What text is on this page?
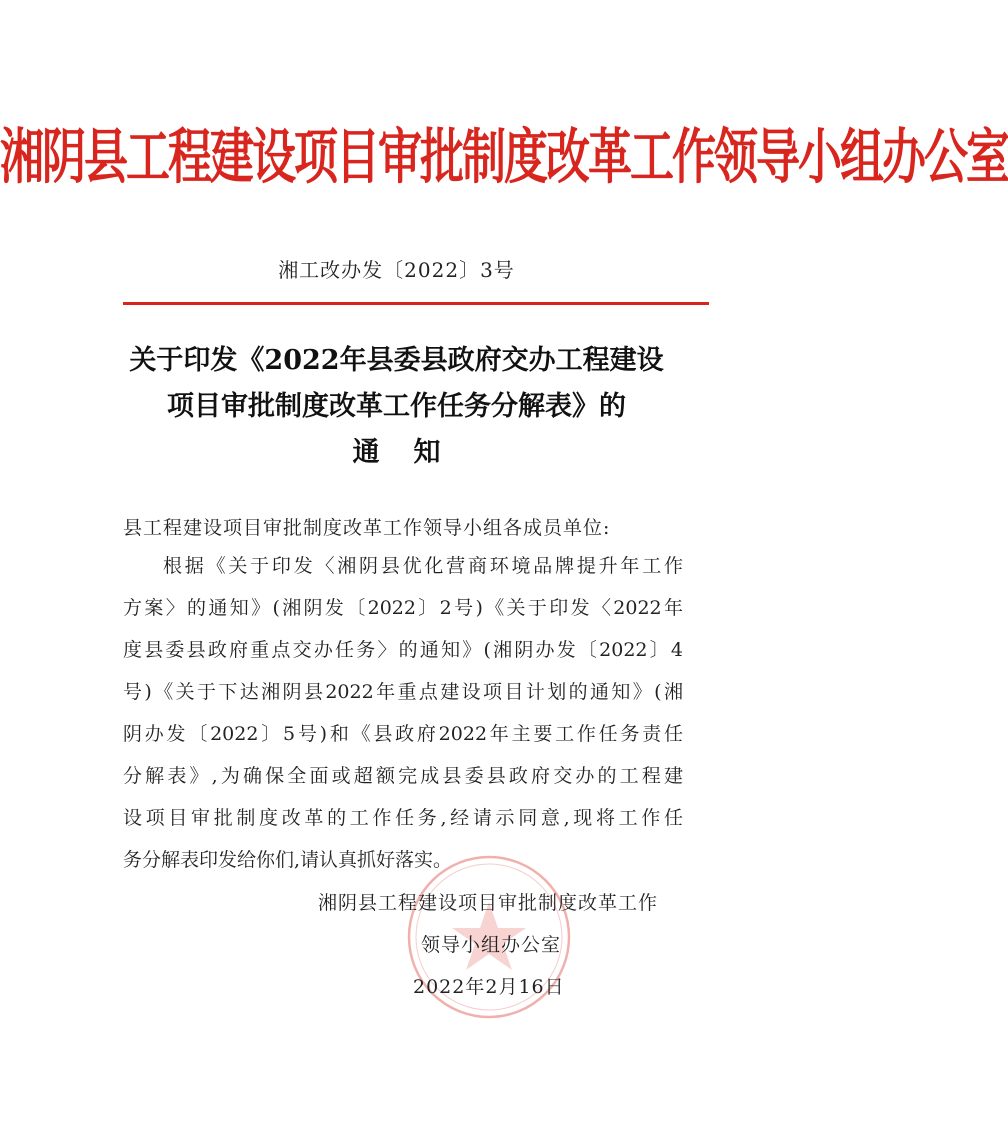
湘阴县工程建设项目审批制度改革工作领导小组办公室
湘工改办发〔2022〕3号
关于印发《2022年县委县政府交办工程建设
项目审批制度改革工作任务分解表》的
通知
县工程建设项目审批制度改革工作领导小组各成员单位:
根据《关于印发〈湘阴县优化营商环境品牌提升年工作
方案〉的通知》(湘阴发〔2022〕2号)《关于印发〈2022年
度县委县政府重点交办任务〉的通知》(湘阴办发〔2022〕4
号)《关于下达湘阴县2022年重点建设项目计划的通知》(湘
阴办发〔2022〕5号)和《县政府2022年主要工作任务责任
分解表》,为确保全面或超额完成县委县政府交办的工程建
设项目审批制度改革的工作任务,经请示同意,现将工作任
务分解表印发给你们,请认真抓好落实。
湘阴县工程建设项目审批制度改革工作
领导小组办公室
2022年2月16日
